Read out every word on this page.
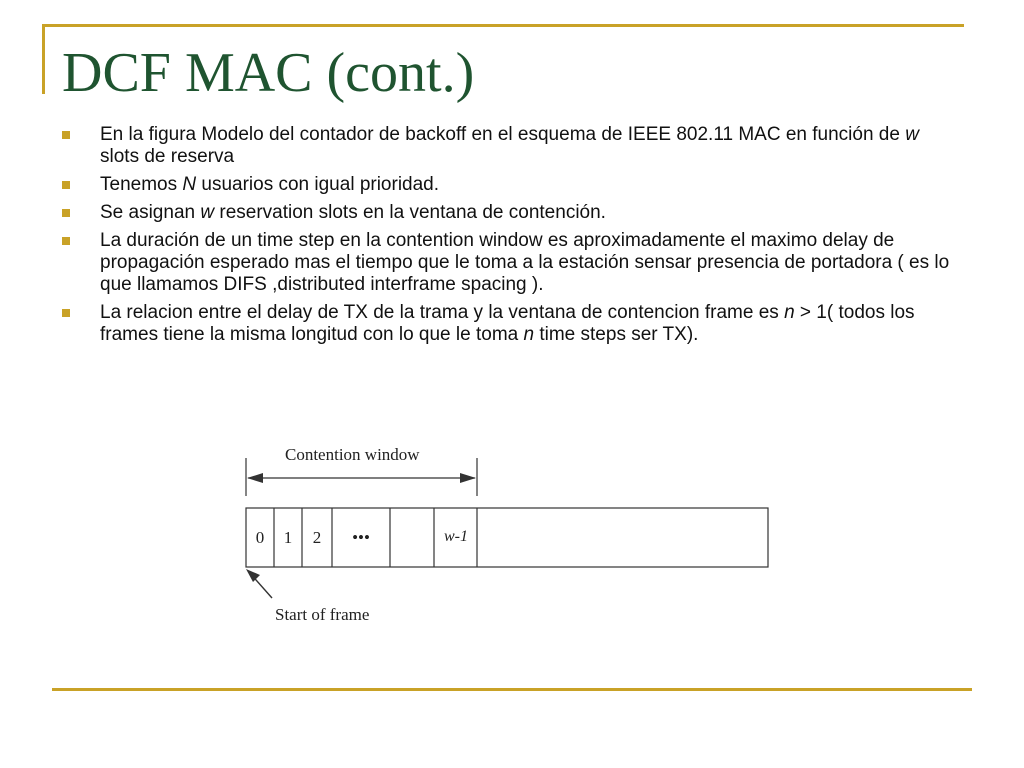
DCF MAC (cont.)
En la figura Modelo del contador de backoff en el esquema de IEEE 802.11 MAC en función de w slots de reserva
Tenemos N usuarios con igual prioridad.
Se asignan w reservation slots en la ventana de contención.
La duración de un time step en la contention window es aproximadamente el maximo delay de propagación esperado mas el tiempo que le toma a la estación sensar presencia de portadora ( es lo que llamamos DIFS ,distributed interframe spacing ).
La relacion entre el delay de TX de la trama y la ventana de contencion frame es n > 1( todos los frames tiene la misma longitud con lo que le toma n time steps ser TX).
Contention window
0 1 2 •••	w-1
Start of frame
